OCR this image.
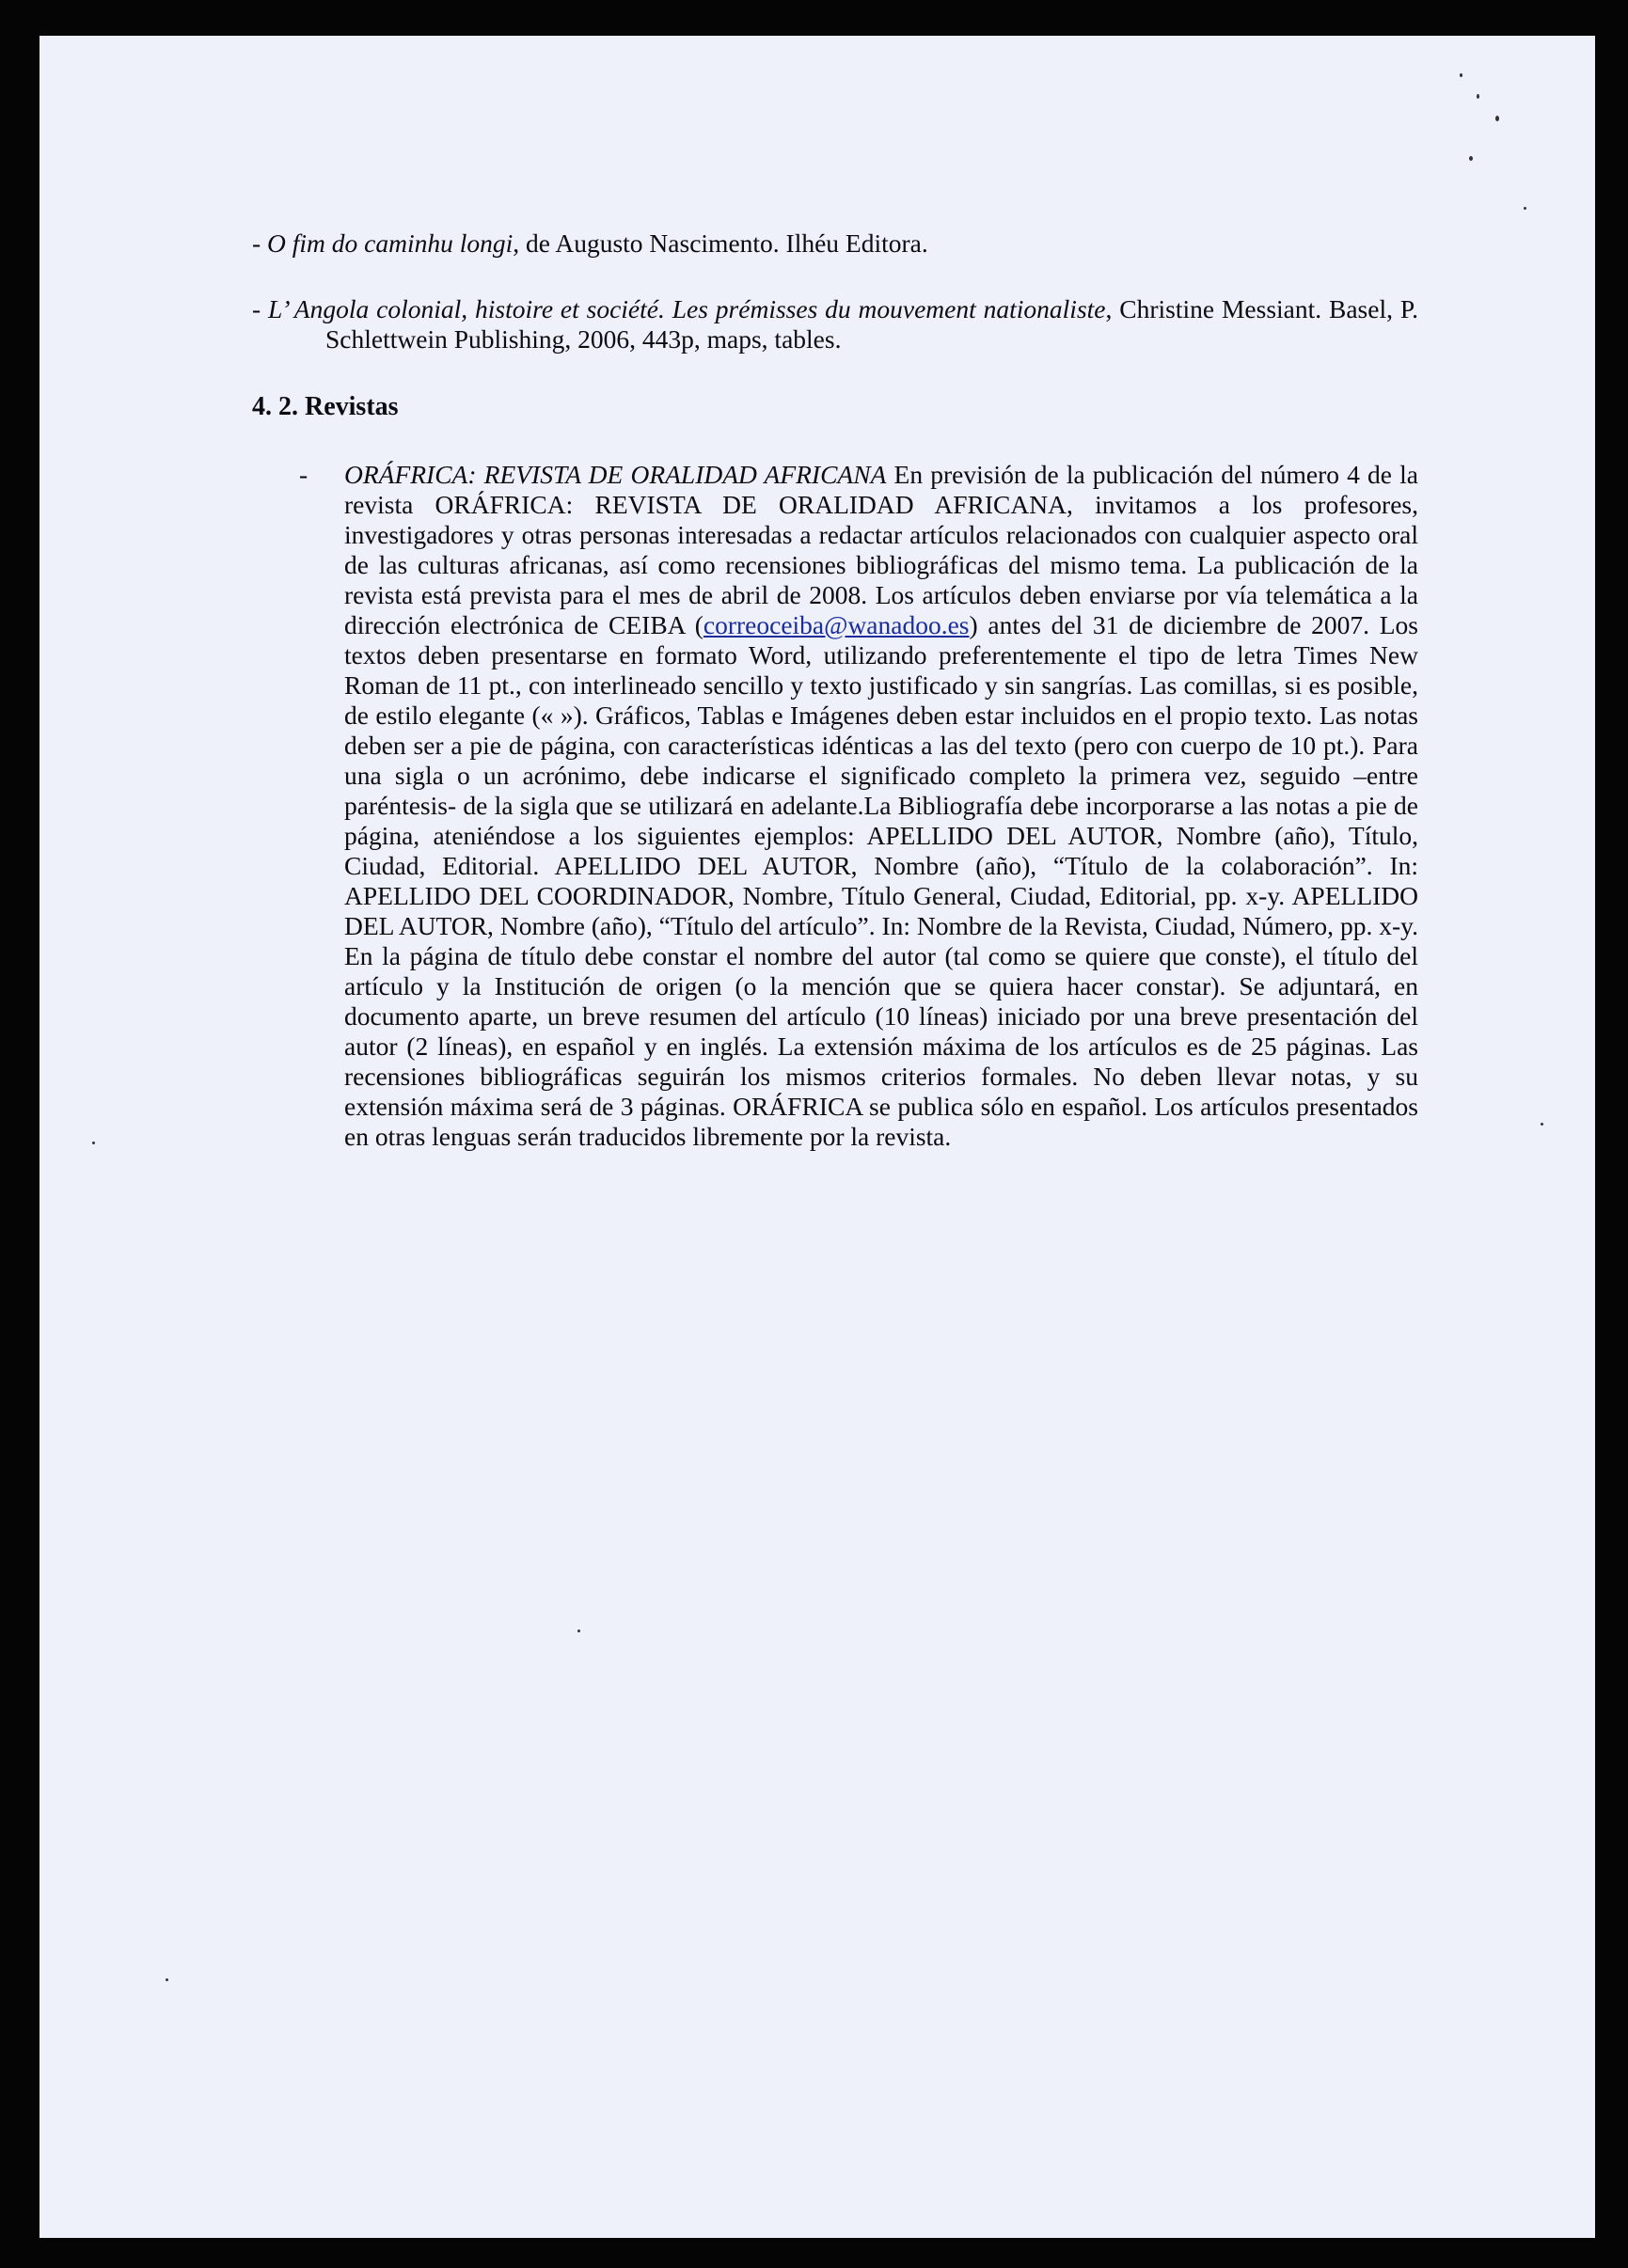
- O fim do caminhu longi, de Augusto Nascimento. Ilhéu Editora.

- L’ Angola colonial, histoire et société. Les prémisses du mouvement nationaliste, Christine Messiant. Basel, P. Schlettwein Publishing, 2006, 443p, maps, tables.

4. 2. Revistas
- ORÁFRICA: REVISTA DE ORALIDAD AFRICANA En previsión de la publicación del número 4 de la revista ORÁFRICA: REVISTA DE ORALIDAD AFRICANA, invitamos a los profesores, investigadores y otras personas interesadas a redactar artículos relacionados con cualquier aspecto oral de las culturas africanas, así como recensiones bibliográficas del mismo tema. La publicación de la revista está prevista para el mes de abril de 2008. Los artículos deben enviarse por vía telemática a la dirección electrónica de CEIBA (correoceiba@wanadoo.es) antes del 31 de diciembre de 2007. Los textos deben presentarse en formato Word, utilizando preferentemente el tipo de letra Times New Roman de 11 pt., con interlineado sencillo y texto justificado y sin sangrías. Las comillas, si es posible, de estilo elegante (« »). Gráficos, Tablas e Imágenes deben estar incluidos en el propio texto. Las notas deben ser a pie de página, con características idénticas a las del texto (pero con cuerpo de 10 pt.). Para una sigla o un acrónimo, debe indicarse el significado completo la primera vez, seguido –entre paréntesis- de la sigla que se utilizará en adelante.La Bibliografía debe incorporarse a las notas a pie de página, ateniéndose a los siguientes ejemplos: APELLIDO DEL AUTOR, Nombre (año), Título, Ciudad, Editorial. APELLIDO DEL AUTOR, Nombre (año), “Título de la colaboración”. In: APELLIDO DEL COORDINADOR, Nombre, Título General, Ciudad, Editorial, pp. x-y. APELLIDO DEL AUTOR, Nombre (año), “Título del artículo”. In: Nombre de la Revista, Ciudad, Número, pp. x-y. En la página de título debe constar el nombre del autor (tal como se quiere que conste), el título del artículo y la Institución de origen (o la mención que se quiera hacer constar). Se adjuntará, en documento aparte, un breve resumen del artículo (10 líneas) iniciado por una breve presentación del autor (2 líneas), en español y en inglés. La extensión máxima de los artículos es de 25 páginas. Las recensiones bibliográficas seguirán los mismos criterios formales. No deben llevar notas, y su extensión máxima será de 3 páginas. ORÁFRICA se publica sólo en español. Los artículos presentados en otras lenguas serán traducidos libremente por la revista.
